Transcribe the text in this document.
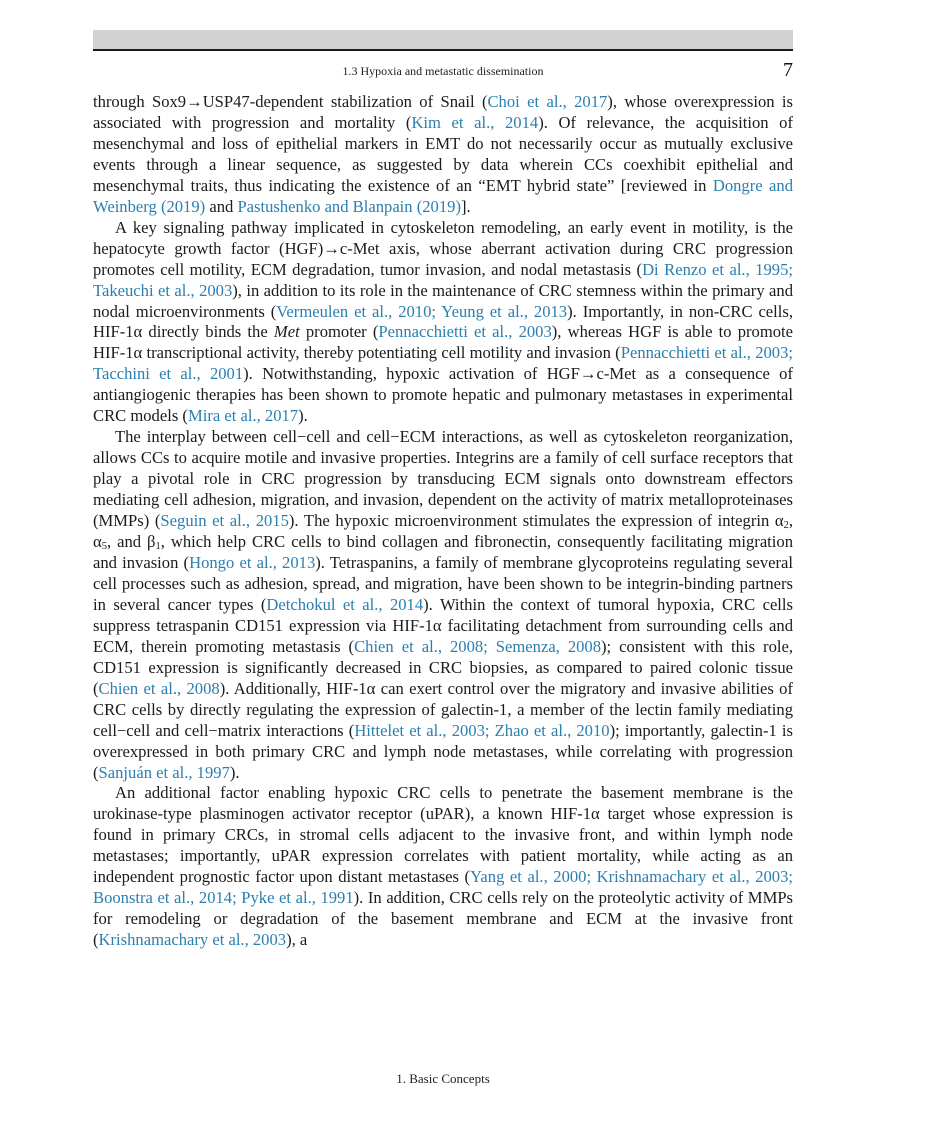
1.3 Hypoxia and metastatic dissemination	7

through Sox9→USP47-dependent stabilization of Snail (Choi et al., 2017), whose overexpression is associated with progression and mortality (Kim et al., 2014). Of relevance, the acquisition of mesenchymal and loss of epithelial markers in EMT do not necessarily occur as mutually exclusive events through a linear sequence, as suggested by data wherein CCs coexhibit epithelial and mesenchymal traits, thus indicating the existence of an “EMT hybrid state” [reviewed in Dongre and Weinberg (2019) and Pastushenko and Blanpain (2019)].

A key signaling pathway implicated in cytoskeleton remodeling, an early event in motility, is the hepatocyte growth factor (HGF)→c-Met axis, whose aberrant activation during CRC progression promotes cell motility, ECM degradation, tumor invasion, and nodal metastasis (Di Renzo et al., 1995; Takeuchi et al., 2003), in addition to its role in the maintenance of CRC stemness within the primary and nodal microenvironments (Vermeulen et al., 2010; Yeung et al., 2013). Importantly, in non-CRC cells, HIF-1α directly binds the Met promoter (Pennacchietti et al., 2003), whereas HGF is able to promote HIF-1α transcriptional activity, thereby potentiating cell motility and invasion (Pennacchietti et al., 2003; Tacchini et al., 2001). Notwithstanding, hypoxic activation of HGF→c-Met as a consequence of antiangiogenic therapies has been shown to promote hepatic and pulmonary metastases in experimental CRC models (Mira et al., 2017).

The interplay between cell−cell and cell−ECM interactions, as well as cytoskeleton reorganization, allows CCs to acquire motile and invasive properties. Integrins are a family of cell surface receptors that play a pivotal role in CRC progression by transducing ECM signals onto downstream effectors mediating cell adhesion, migration, and invasion, dependent on the activity of matrix metalloproteinases (MMPs) (Seguin et al., 2015). The hypoxic microenvironment stimulates the expression of integrin $\alpha_2$, $\alpha_5$, and $\beta_1$, which help CRC cells to bind collagen and fibronectin, consequently facilitating migration and invasion (Hongo et al., 2013). Tetraspanins, a family of membrane glycoproteins regulating several cell processes such as adhesion, spread, and migration, have been shown to be integrin-binding partners in several cancer types (Detchokul et al., 2014). Within the context of tumoral hypoxia, CRC cells suppress tetraspanin CD151 expression via HIF-1α facilitating detachment from surrounding cells and ECM, therein promoting metastasis (Chien et al., 2008; Semenza, 2008); consistent with this role, CD151 expression is significantly decreased in CRC biopsies, as compared to paired colonic tissue (Chien et al., 2008). Additionally, HIF-1α can exert control over the migratory and invasive abilities of CRC cells by directly regulating the expression of galectin-1, a member of the lectin family mediating cell−cell and cell−matrix interactions (Hittelet et al., 2003; Zhao et al., 2010); importantly, galectin-1 is overexpressed in both primary CRC and lymph node metastases, while correlating with progression (Sanjuán et al., 1997).

An additional factor enabling hypoxic CRC cells to penetrate the basement membrane is the urokinase-type plasminogen activator receptor (uPAR), a known HIF-1α target whose expression is found in primary CRCs, in stromal cells adjacent to the invasive front, and within lymph node metastases; importantly, uPAR expression correlates with patient mortality, while acting as an independent prognostic factor upon distant metastases (Yang et al., 2000; Krishnamachary et al., 2003; Boonstra et al., 2014; Pyke et al., 1991). In addition, CRC cells rely on the proteolytic activity of MMPs for remodeling or degradation of the basement membrane and ECM at the invasive front (Krishnamachary et al., 2003), a

1. Basic Concepts
